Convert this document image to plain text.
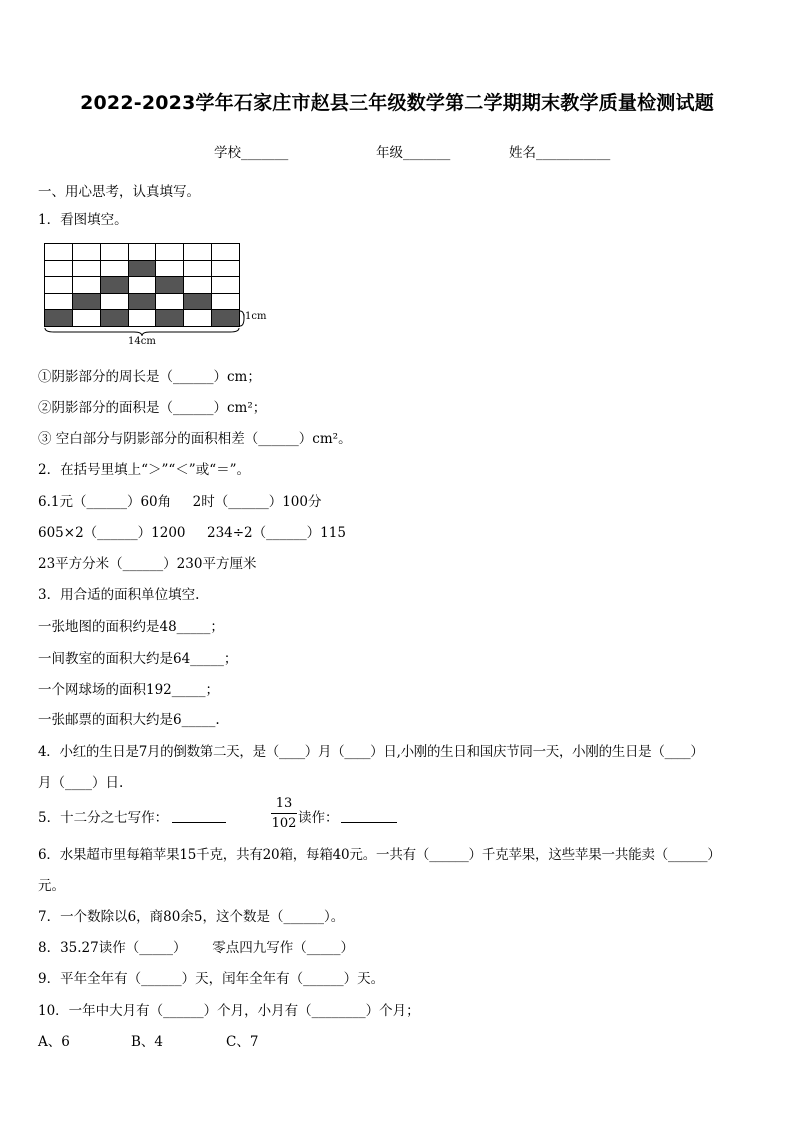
2022-2023学年石家庄市赵县三年级数学第二学期期末教学质量检测试题
学校_______	年级_______	姓名___________
一、用心思考，认真填写。
1．看图填空。

14cm
1cm
①阴影部分的周长是（______）cm；
②阴影部分的面积是（______）cm²；
③ 空白部分与阴影部分的面积相差（______）cm²。
2．在括号里填上“＞”“＜”或“＝”。
6.1元（______）60角     2时（______）100分
605×2（______）1200     234÷2（______）115
23平方分米（______）230平方厘米
3．用合适的面积单位填空.
一张地图的面积约是48_____；
一间教室的面积大约是64_____；
一个网球场的面积192_____；
一张邮票的面积大约是6_____.
4．小红的生日是7月的倒数第二天，是（____）月（____）日,小刚的生日和国庆节同一天，小刚的生日是（____）
月（____）日.
5．十二分之七写作：	$\frac{13}{102}$ 读作：
6．水果超市里每箱苹果15千克，共有20箱，每箱40元。一共有（______）千克苹果，这些苹果一共能卖（______）
元。
7．一个数除以6，商80余5，这个数是（______）。
8．35.27读作（_____）      零点四九写作（_____）
9．平年全年有（______）天，闰年全年有（______）天。
10．一年中大月有（______）个月，小月有（________）个月；
A、6	B、4	C、7
